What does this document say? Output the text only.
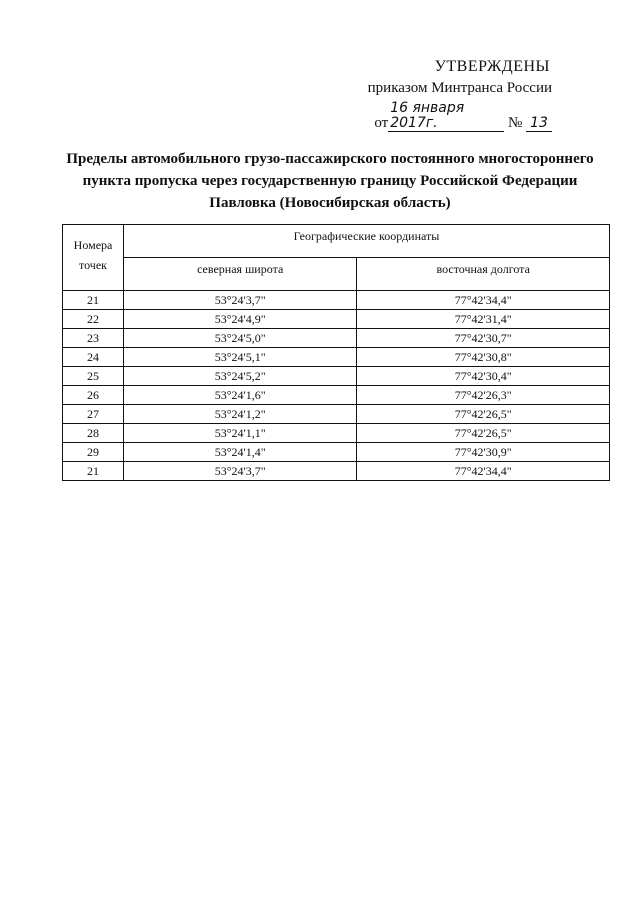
УТВЕРЖДЕНЫ
приказом Минтранса России
от16 января 2017г.	№ 13
Пределы автомобильного грузо-пассажирского постоянного многостороннего
пункта пропуска через государственную границу Российской Федерации
Павловка (Новосибирская область)
Номера
точек	Географические координаты	
	северная широта	восточная долгота
21	53°24'3,7"	77°42'34,4"
22	53°24'4,9"	77°42'31,4"
23	53°24'5,0"	77°42'30,7"
24	53°24'5,1"	77°42'30,8"
25	53°24'5,2"	77°42'30,4"
26	53°24'1,6"	77°42'26,3"
27	53°24'1,2"	77°42'26,5"
28	53°24'1,1"	77°42'26,5"
29	53°24'1,4"	77°42'30,9"
21	53°24'3,7"	77°42'34,4"
